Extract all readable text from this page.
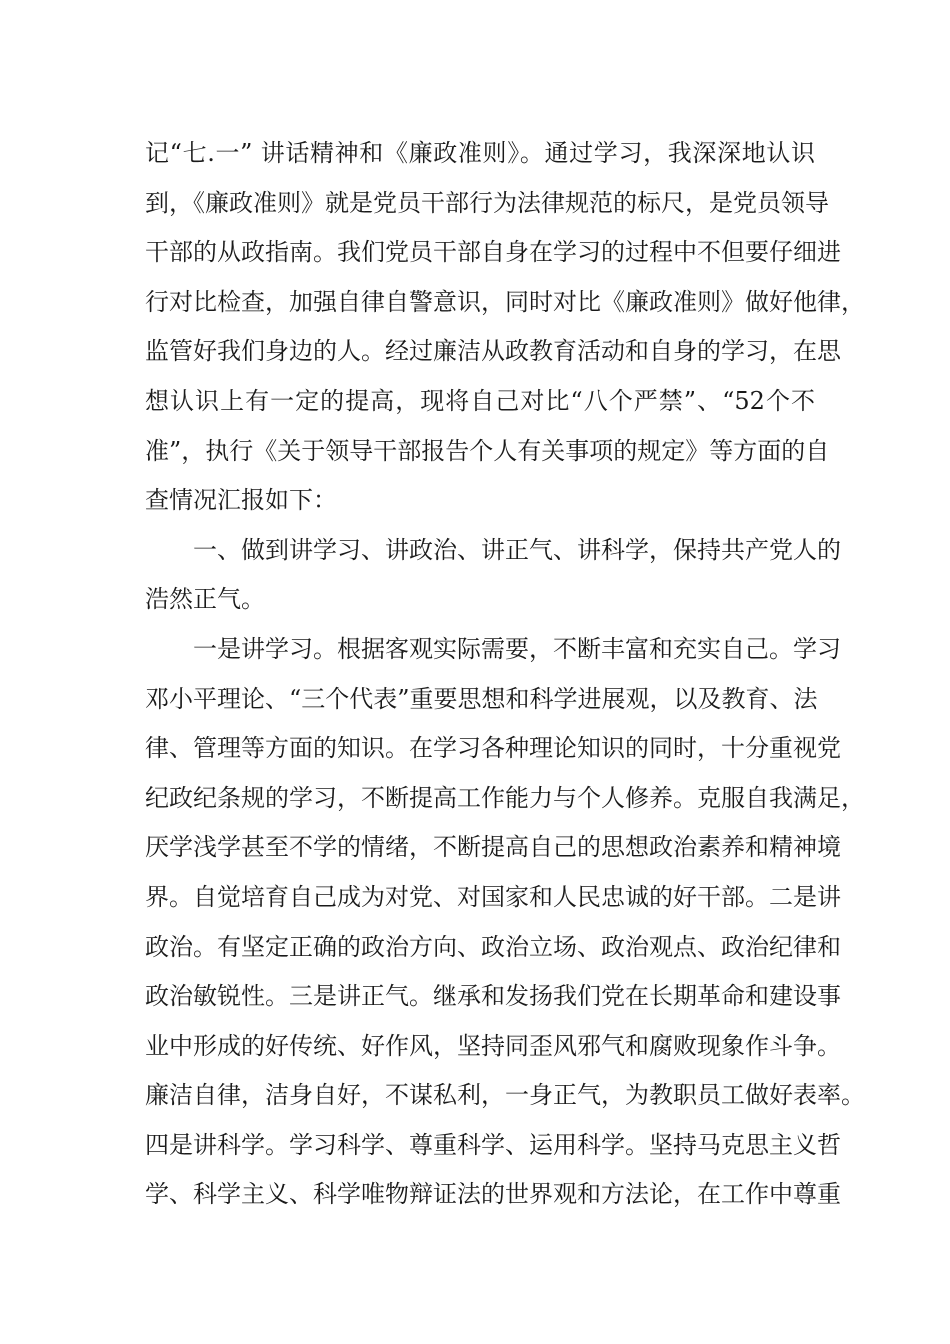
记“七.一” 讲话精神和《廉政准则》。通过学习，我深深地认识
到，《廉政准则》就是党员干部行为法律规范的标尺，是党员领导
干部的从政指南。我们党员干部自身在学习的过程中不但要仔细进
行对比检查，加强自律自警意识，同时对比《廉政准则》做好他律，
监管好我们身边的人。经过廉洁从政教育活动和自身的学习，在思
想认识上有一定的提高，现将自己对比“八个严禁”、“52个不
准”，执行《关于领导干部报告个人有关事项的规定》等方面的自
查情况汇报如下：
一、做到讲学习、讲政治、讲正气、讲科学，保持共产党人的
浩然正气。
一是讲学习。根据客观实际需要，不断丰富和充实自己。学习
邓小平理论、“三个代表”重要思想和科学进展观，以及教育、法
律、管理等方面的知识。在学习各种理论知识的同时，十分重视党
纪政纪条规的学习，不断提高工作能力与个人修养。克服自我满足，
厌学浅学甚至不学的情绪，不断提高自己的思想政治素养和精神境
界。自觉培育自己成为对党、对国家和人民忠诚的好干部。二是讲
政治。有坚定正确的政治方向、政治立场、政治观点、政治纪律和
政治敏锐性。三是讲正气。继承和发扬我们党在长期革命和建设事
业中形成的好传统、好作风，坚持同歪风邪气和腐败现象作斗争。
廉洁自律，洁身自好，不谋私利，一身正气，为教职员工做好表率。
四是讲科学。学习科学、尊重科学、运用科学。坚持马克思主义哲
学、科学主义、科学唯物辩证法的世界观和方法论，在工作中尊重
